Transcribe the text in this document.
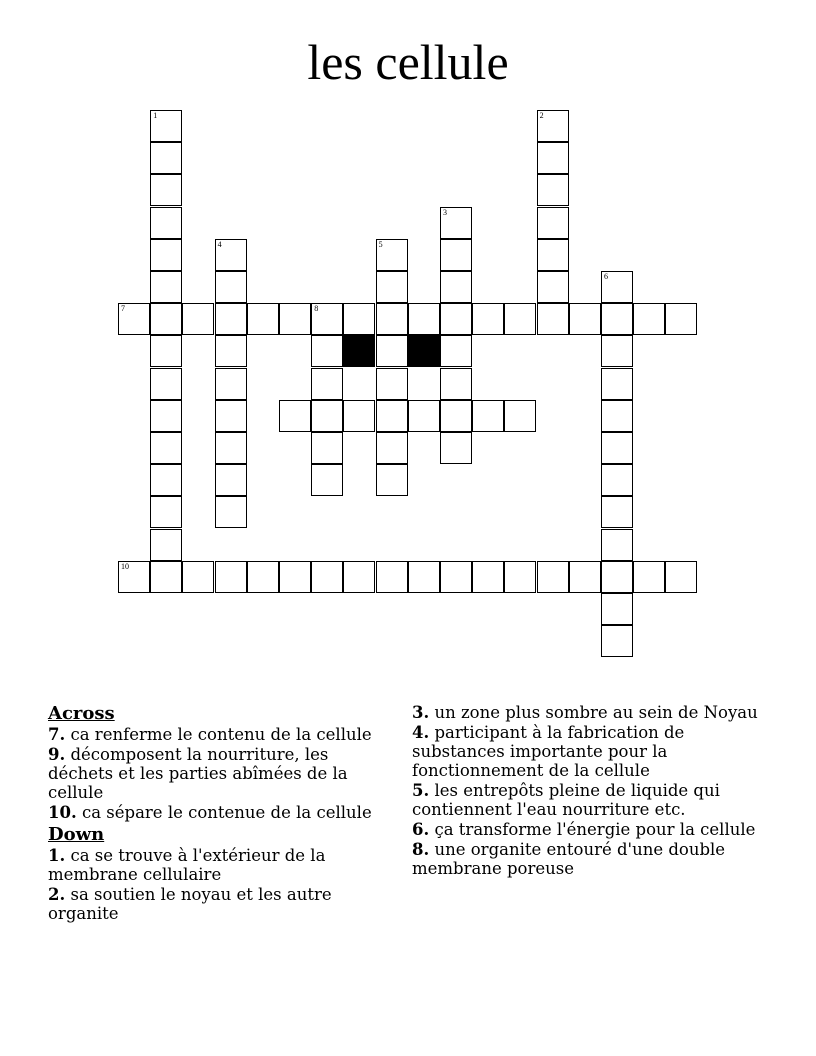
les cellule
1	2
3
4	5
6
7	8
10
Across
7. ca renferme le contenu de la cellule
9. décomposent la nourriture, les déchets et les parties abîmées de la cellule
10. ca sépare le contenue de la cellule
Down
1. ca se trouve à l'extérieur de la membrane cellulaire
2. sa soutien le noyau et les autre organite
3. un zone plus sombre au sein de Noyau
4. participant à la fabrication de substances importante pour la fonctionnement de la cellule
5. les entrepôts pleine de liquide qui contiennent l'eau nourriture etc.
6. ça transforme l'énergie pour la cellule
8. une organite entouré d'une double membrane poreuse
